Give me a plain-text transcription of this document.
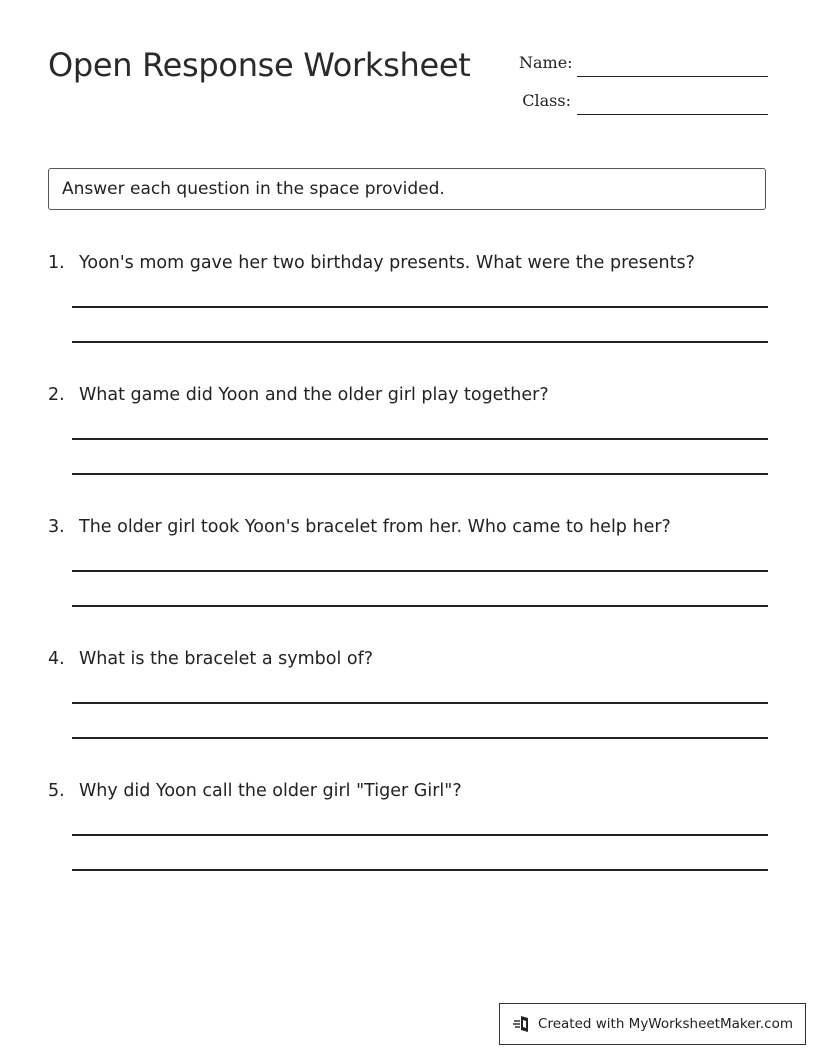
Open Response Worksheet	Name:
Class:
Answer each question in the space provided.
1. Yoon's mom gave her two birthday presents. What were the presents?
2. What game did Yoon and the older girl play together?
3. The older girl took Yoon's bracelet from her. Who came to help her?
4. What is the bracelet a symbol of?
5. Why did Yoon call the older girl "Tiger Girl"?
Created with MyWorksheetMaker.com
